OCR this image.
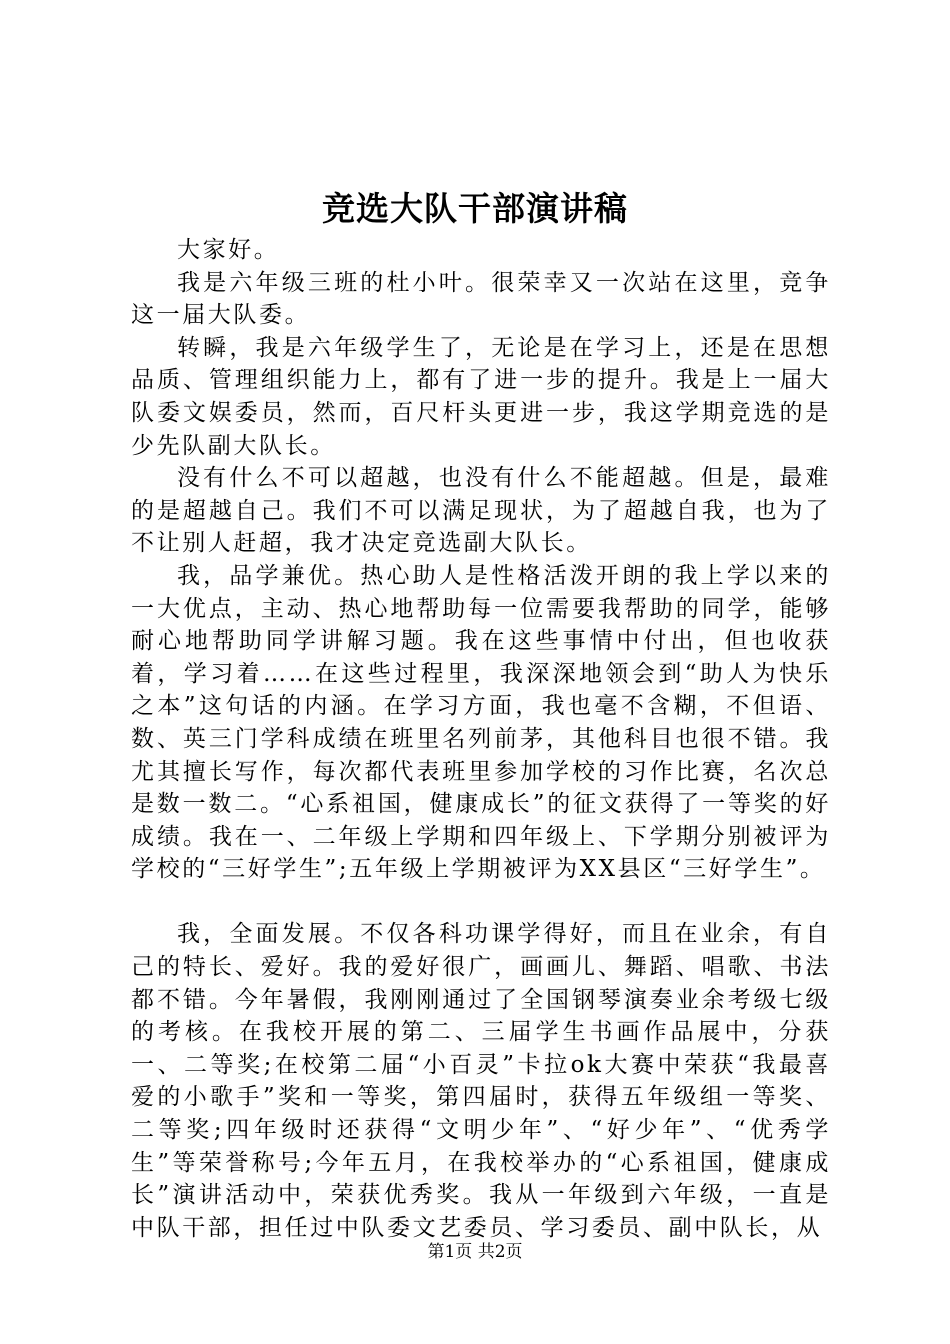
竞选大队干部演讲稿

大家好。

我是六年级三班的杜小叶。很荣幸又一次站在这里，竞争这一届大队委。

转瞬，我是六年级学生了，无论是在学习上，还是在思想品质、管理组织能力上，都有了进一步的提升。我是上一届大队委文娱委员，然而，百尺杆头更进一步，我这学期竞选的是少先队副大队长。

没有什么不可以超越，也没有什么不能超越。但是，最难的是超越自己。我们不可以满足现状，为了超越自我，也为了不让别人赶超，我才决定竞选副大队长。

我，品学兼优。热心助人是性格活泼开朗的我上学以来的一大优点，主动、热心地帮助每一位需要我帮助的同学，能够耐心地帮助同学讲解习题。我在这些事情中付出，但也收获着，学习着……在这些过程里，我深深地领会到“助人为快乐之本”这句话的内涵。在学习方面，我也毫不含糊，不但语、数、英三门学科成绩在班里名列前茅，其他科目也很不错。我尤其擅长写作，每次都代表班里参加学校的习作比赛，名次总是数一数二。“心系祖国，健康成长”的征文获得了一等奖的好成绩。我在一、二年级上学期和四年级上、下学期分别被评为学校的“三好学生”;五年级上学期被评为XX县区“三好学生”。

我，全面发展。不仅各科功课学得好，而且在业余，有自己的特长、爱好。我的爱好很广，画画儿、舞蹈、唱歌、书法都不错。今年暑假，我刚刚通过了全国钢琴演奏业余考级七级的考核。在我校开展的第二、三届学生书画作品展中，分获一、二等奖;在校第二届“小百灵”卡拉ok大赛中荣获“我最喜爱的小歌手”奖和一等奖，第四届时，获得五年级组一等奖、二等奖;四年级时还获得“文明少年”、“好少年”、“优秀学生”等荣誉称号;今年五月，在我校举办的“心系祖国，健康成长”演讲活动中，荣获优秀奖。我从一年级到六年级，一直是中队干部，担任过中队委文艺委员、学习委员、副中队长，从

第1页 共2页
